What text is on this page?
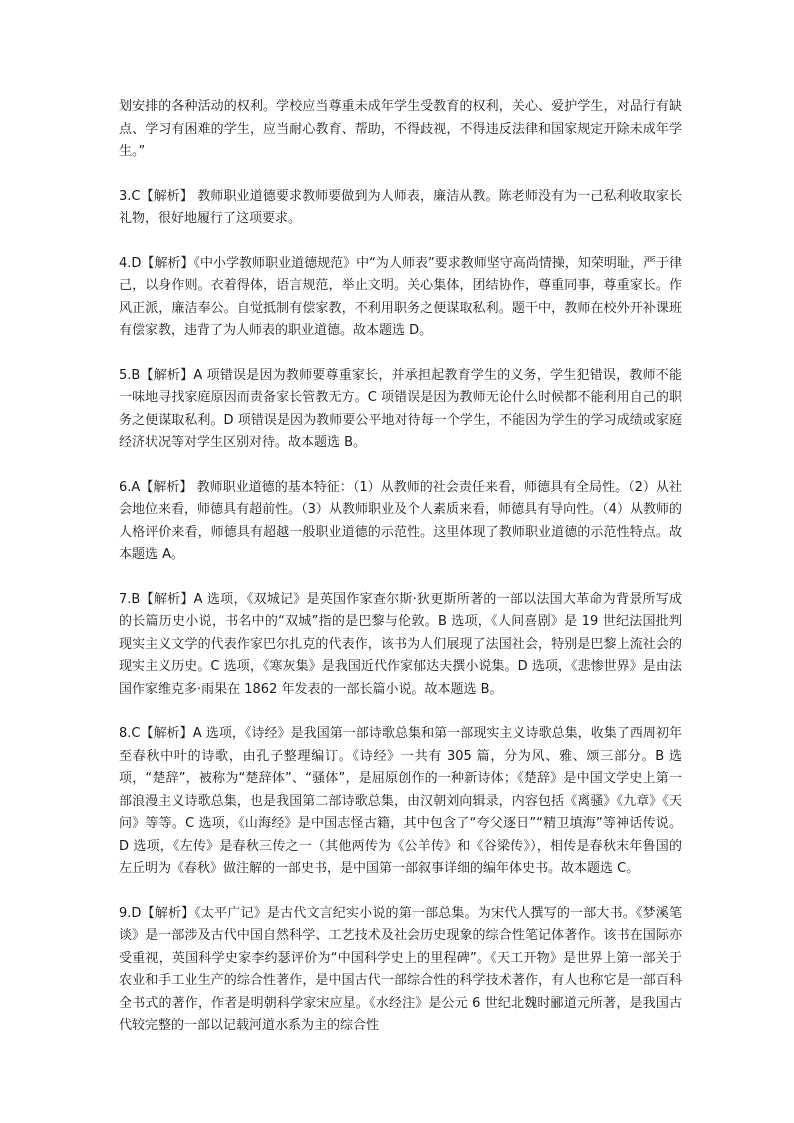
划安排的各种活动的权利。学校应当尊重未成年学生受教育的权利，关心、爱护学生，对品行有缺点、学习有困难的学生，应当耐心教育、帮助，不得歧视，不得违反法律和国家规定开除未成年学生。”

3.C【解析】 教师职业道德要求教师要做到为人师表，廉洁从教。陈老师没有为一己私利收取家长礼物，很好地履行了这项要求。

4.D【解析】《中小学教师职业道德规范》中“为人师表”要求教师坚守高尚情操，知荣明耻，严于律己，以身作则。衣着得体，语言规范，举止文明。关心集体，团结协作，尊重同事，尊重家长。作风正派，廉洁奉公。自觉抵制有偿家教，不利用职务之便谋取私利。题干中，教师在校外开补课班有偿家教，违背了为人师表的职业道德。故本题选 D。

5.B【解析】A 项错误是因为教师要尊重家长，并承担起教育学生的义务，学生犯错误，教师不能一味地寻找家庭原因而责备家长管教无方。C 项错误是因为教师无论什么时候都不能利用自己的职务之便谋取私利。D 项错误是因为教师要公平地对待每一个学生，不能因为学生的学习成绩或家庭经济状况等对学生区别对待。故本题选 B。

6.A【解析】 教师职业道德的基本特征：（1）从教师的社会责任来看，师德具有全局性。（2）从社会地位来看，师德具有超前性。（3）从教师职业及个人素质来看，师德具有导向性。（4）从教师的人格评价来看，师德具有超越一般职业道德的示范性。这里体现了教师职业道德的示范性特点。故本题选 A。

7.B【解析】A 选项，《双城记》是英国作家查尔斯·狄更斯所著的一部以法国大革命为背景所写成的长篇历史小说，书名中的“双城”指的是巴黎与伦敦。B 选项，《人间喜剧》是 19 世纪法国批判现实主义文学的代表作家巴尔扎克的代表作，该书为人们展现了法国社会，特别是巴黎上流社会的现实主义历史。C 选项，《寒灰集》是我国近代作家郁达夫撰小说集。D 选项，《悲惨世界》是由法国作家维克多·雨果在 1862 年发表的一部长篇小说。故本题选 B。

8.C【解析】A 选项，《诗经》是我国第一部诗歌总集和第一部现实主义诗歌总集，收集了西周初年至春秋中叶的诗歌，由孔子整理编订。《诗经》一共有 305 篇，分为风、雅、颂三部分。B 选项，“楚辞”，被称为“楚辞体”、“骚体”，是屈原创作的一种新诗体；《楚辞》是中国文学史上第一部浪漫主义诗歌总集，也是我国第二部诗歌总集，由汉朝刘向辑录，内容包括《离骚》《九章》《天问》等等。C 选项，《山海经》是中国志怪古籍，其中包含了“夸父逐日”“精卫填海”等神话传说。D 选项，《左传》是春秋三传之一（其他两传为《公羊传》和《谷梁传》），相传是春秋末年鲁国的左丘明为《春秋》做注解的一部史书，是中国第一部叙事详细的编年体史书。故本题选 C。

9.D【解析】《太平广记》是古代文言纪实小说的第一部总集。为宋代人撰写的一部大书。《梦溪笔谈》是一部涉及古代中国自然科学、工艺技术及社会历史现象的综合性笔记体著作。该书在国际亦受重视，英国科学史家李约瑟评价为“中国科学史上的里程碑”。《天工开物》是世界上第一部关于农业和手工业生产的综合性著作，是中国古代一部综合性的科学技术著作，有人也称它是一部百科全书式的著作，作者是明朝科学家宋应星。《水经注》是公元 6 世纪北魏时郦道元所著，是我国古代较完整的一部以记载河道水系为主的综合性
